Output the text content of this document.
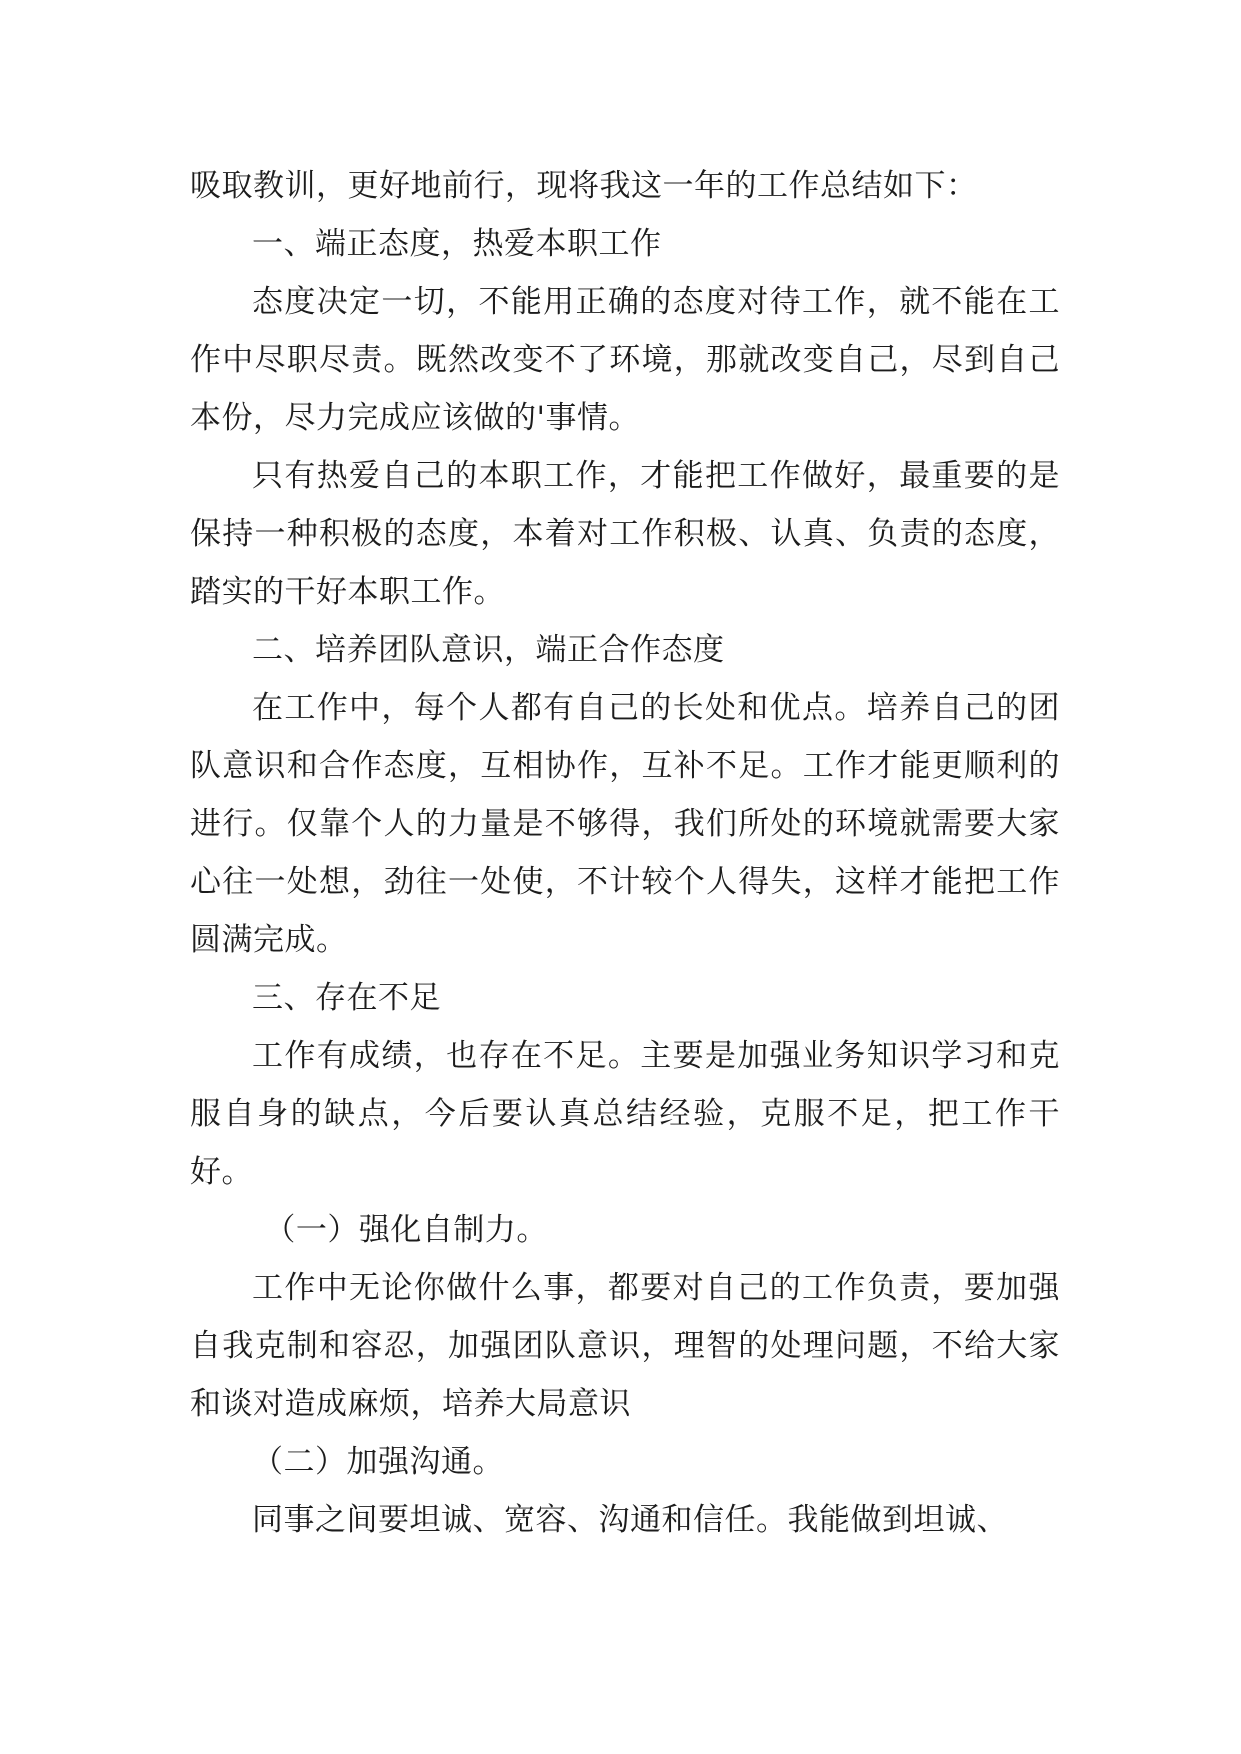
吸取教训，更好地前行，现将我这一年的工作总结如下：

一、端正态度，热爱本职工作

态度决定一切，不能用正确的态度对待工作，就不能在工作中尽职尽责。既然改变不了环境，那就改变自己，尽到自己本份，尽力完成应该做的'事情。

只有热爱自己的本职工作，才能把工作做好，最重要的是保持一种积极的态度，本着对工作积极、认真、负责的态度，踏实的干好本职工作。

二、培养团队意识，端正合作态度

在工作中，每个人都有自己的长处和优点。培养自己的团队意识和合作态度，互相协作，互补不足。工作才能更顺利的进行。仅靠个人的力量是不够得，我们所处的环境就需要大家心往一处想，劲往一处使，不计较个人得失，这样才能把工作圆满完成。

三、存在不足

工作有成绩，也存在不足。主要是加强业务知识学习和克服自身的缺点，今后要认真总结经验，克服不足，把工作干好。

（一）强化自制力。

工作中无论你做什么事，都要对自己的工作负责，要加强自我克制和容忍，加强团队意识，理智的处理问题，不给大家和谈对造成麻烦，培养大局意识

（二）加强沟通。

同事之间要坦诚、宽容、沟通和信任。我能做到坦诚、
